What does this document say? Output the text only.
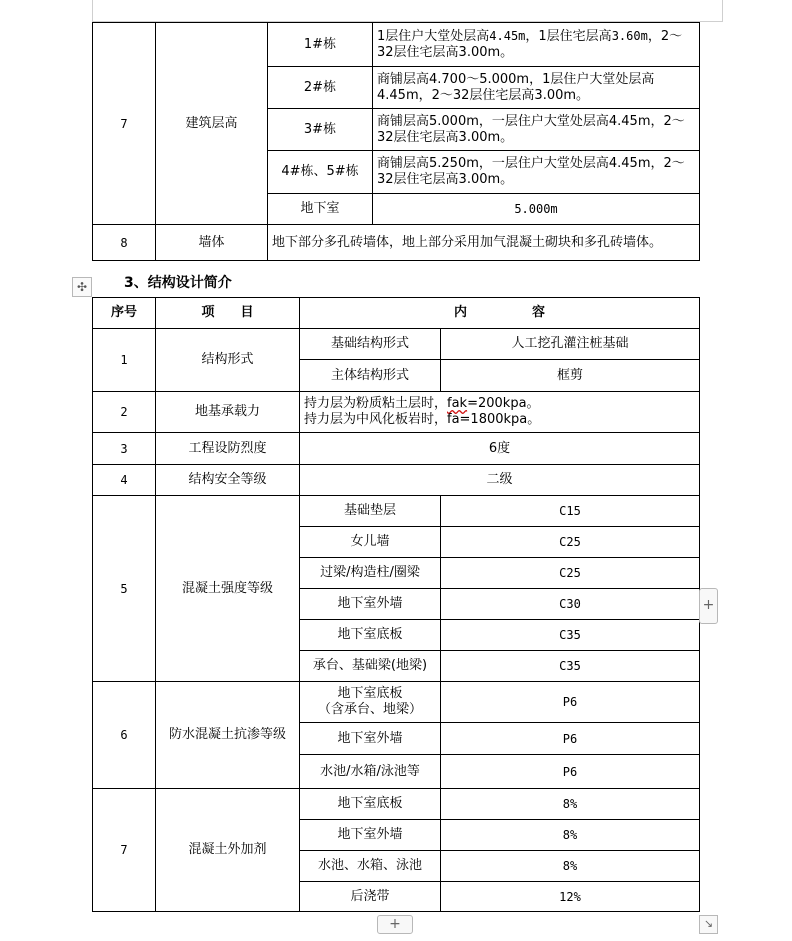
7	建筑层高	1#栋	1层住户大堂处层高4.45m，1层住宅层高3.60m，2～32层住宅层高3.00m。
		2#栋	商铺层高4.700～5.000m，1层住户大堂处层高4.45m，2～32层住宅层高3.00m。
		3#栋	商铺层高5.000m，一层住户大堂处层高4.45m，2～32层住宅层高3.00m。
		4#栋、5#栋	商铺层高5.250m，一层住户大堂处层高4.45m，2～32层住宅层高3.00m。
		地下室	5.000m
8	墙体	地下部分多孔砖墙体，地上部分采用加气混凝土砌块和多孔砖墙体。	
✣	3、结构设计简介
序号	项　　目	内　　　　　容	
1	结构形式	基础结构形式	人工挖孔灌注桩基础
		主体结构形式	框剪
2	地基承载力	持力层为粉质粘土层时，fak=200kpa。
持力层为中风化板岩时，fa=1800kpa。	

3	工程设防烈度	6度	
4	结构安全等级	二级	
5	混凝土强度等级	基础垫层	C15
		女儿墙	C25
		过梁/构造柱/圈梁	C25
		地下室外墙	C30
		地下室底板	C35
		承台、基础梁(地梁)	C35
6	防水混凝土抗渗等级	地下室底板
（含承台、地梁）	P6
		地下室外墙	P6
		水池/水箱/泳池等	P6
7	混凝土外加剂	地下室底板	8%
		地下室外墙	8%
		水池、水箱、泳池	8%
		后浇带	12%
+
+	↘
